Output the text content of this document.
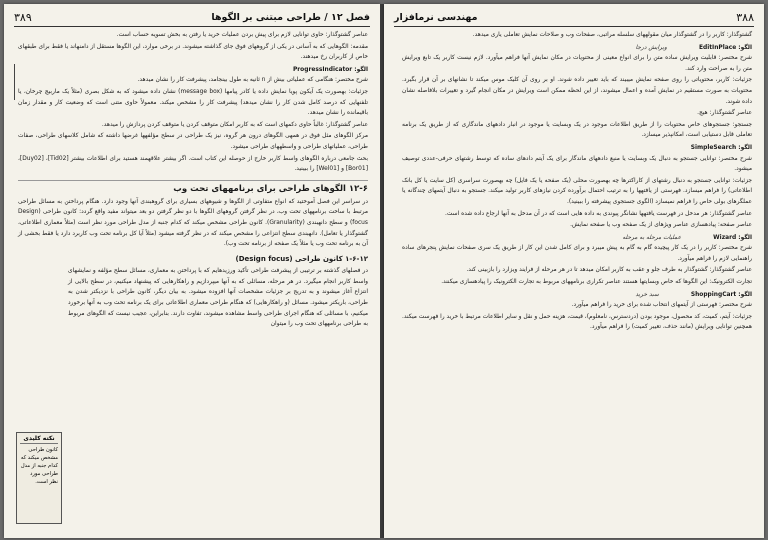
۳۸۹	فصل ۱۲ / طراحی مبتنی بر الگوها

عناصر گشتوگذار: حاوی توانایی لازم برای پیش بردن عملیات خرید یا رفتن به بخش تسویه حساب است.

مقدمه: الگوهایی که به آسانی در یکی از گروههای فوق جای گذاشته میشوند. در برخی موارد، این الگوها مستقل از دامنهاند یا فقط برای طبقهای خاص از کاربران رخ میدهند.

الگو: ProgressIndicator

شرح مختصر: هنگامی که عملیاتی بیش از n ثانیه به طول بینجامد، پیشرفت کار را نشان میدهد.

جزئیات: بهصورت یک آیکون پویا نمایش داده یا کادر پیامها (message box) نشان داده میشود که به شکل بصری (مثلاً یک ماربیچ چرخان، یا تلفنهایی که درصد کامل شدن کار را نشان میدهد) پیشرفت کار را مشخص میکند. معمولاً حاوی متنی است که وضعیت کار و مقدار زمان باقیمانده را نشان میدهد.

عناصر گشتوگذار: غالباً حاوی دکمهای است که به کاربر امکان متوقف کردن یا متوقف کردن پردازش را میدهد.

مرکز الگوهای مثل فوق در همهی الگوهای درون هر گروه، نیز یک طراحی در سطح مؤلفهها غرضها داشته که شامل کلاسهای طراحی، صفات طراحی، عملیاتهای طراحی و واسطههای طراحی میشود.

بحث جامعی درباره الگوهای واسط کاربر خارج از حوصله این کتاب است. اگر بیشتر علاقهمند هستید برای اطلاعات بیشتر [Tid02]، [Duy02]، [Bor01] و [Wel01] را ببینید.

۱۲-۶ الگوهای طراحی برای برنامههای تحت وب

در سراسر این فصل آموختید که انواع متفاوتی از الگوها و شیوههای بسیاری برای گروهبندی آنها وجود دارد. هنگام پرداختن به مسائل طراحی مرتبط با ساخت برنامههای تحت وب، در نظر گرفتن گروههای الگوها با دو نظر گرفتن دو بعد میتواند مفید واقع گردد: کانون طراحی (Design focus) و سطح دانهبندی (Granularity). کانون طراحی مشخص میکند که کدام جنبه از مدل طراحی مورد نظر است (مثلاً معماری اطلاعاتی، گشتوگذار یا تعامل). دانهبندی سطح انتزاعی را مشخص میکند که در نظر گرفته میشود (مثلاً آیا کل برنامه تحت وب کاربرد دارد یا فقط بخشی از آن به برنامه تحت وب یا مثلاً یک صفحه از برنامه تحت وب).

۱-۶-۱۲ کانون طراحی (Design focus)

در فصلهای گذشته بر ترتیبی از پیشرفت طراحی تأکید ورزیدهایم که با پرداختن به معماری، مسائل سطح مؤلفه و نمایشهای واسط کاربر انجام میگیرد. در هر مرحله، مسائلی که به آنها میپردازیم و راهکارهایی که پیشنهاد میکنیم، در سطح بالایی از انتزاع آغاز میشوند و به تدریج بر جزئیات مشخصات آنها افزوده میشود. به بیان دیگر، کانون طراحی با نزدیکتر شدن به طراحی، باریکتر میشود. مسائل (و راهکارهایی) که هنگام طراحی معماری اطلاعاتی برای یک برنامه تحت وب به آنها برخورد میکنیم، با مسائلی که هنگام اجرای طراحی واسط مشاهده میشوند، تفاوت دارند. بنابراین، عجیب نیست که الگوهای مربوط به طراحی برنامههای تحت وب را میتوان

نکته کلیدی
کانون طراحی مشخص میکند که کدام جنبه از مدل طراحی مورد نظر است.
۳۸۸
مهندسی نرمافزار

گشتوگذار: کاربر را در گشتوگذار میان مقولههای سلسله مراتبی، صفحات وب و صلاحات نمایش تعاملی یاری میدهد.

الگو: EditInPlace ویرایش درجا

شرح مختصر: قابلیت ویرایش ساده متن را برای انواع معینی از محتویات در مکان نمایش آنها فراهم میآورد. لازم نیست کاربر یک تابع ویرایش متن را به صراحت وارد کند.

جزئیات: کاربر، محتویاتی را روی صفحه نمایش میبیند که باید تغییر داده شوند. او بر روی آن کلیک موس میکند تا نشانهای بر آن قرار بگیرد. محتویات به صورت مستقیم در نمایش آمده و اعمال میشوند، از این لحظه ممکن است ویرایش در مکان انجام گیرد و تغییرات بلافاصله نشان داده شوند.

عناصر گشتوگذار: هیچ.

جستجو: جستجوهای خاص محتویات را از طریق اطلاعات موجود در یک وبسایت یا موجود در انبار دادههای ماندگاری که از طریق یک برنامه تعاملی قابل دستیابی است، امکانپذیر میسازد.

الگو: SimpleSearch

شرح مختصر: توانایی جستجو به دنبال یک وبسایت یا منبع دادههای ماندگار برای یک آیتم دادهای ساده که توسط رشتهای حرفی-عددی توصیف میشود.

جزئیات: توانایی جستجو به دنبال رشتهای از کاراکترها چه بهصورت محلی (یک صفحه یا یک فایل) چه بهصورت سراسری (کل سایت یا کل بانک اطلاعاتی) را فراهم میسازد. فهرستی از یافتهها را به ترتیب احتمال برآورده کردن نیازهای کاربر تولید میکند. جستجو به دنبال آیتمهای چندگانه یا عملگرهای بولی خاص را فراهم نمیسازد (الگوی جستجوی پیشرفته را ببینید).

عناصر گشتوگذار: هر مدخل در فهرست یافتهها نشانگر پیوندی به داده هایی است که در آن مدخل به آنها ارجاع داده شده است.

عناصر صفحه: پیادهسازی عناصر ویژهای از یک صفحه وب یا صفحه نمایش.

الگو: Wizard عملیات مرحله به مرحله

شرح مختصر: کاربر را در یک کار پیچیده گام به گام به پیش میبرد و برای کامل شدن این کار از طریق یک سری صفحات نمایش پنجرهای ساده راهنمایی لازم را فراهم میآورد.

عناصر گشتوگذار: گشتوگذار به طرف جلو و عقب به کاربر امکان میدهد تا در هر مرحله از فرایند ویزارد را بازبینی کند.

تجارت الکترونیک: این الگوها که خاص وبسایتها هستند عناصر تکراری برنامههای مربوط به تجارت الکترونیک را پیادهسازی میکنند.

الگو: ShoppingCart سبد خرید

شرح مختصر: فهرستی از آیتمهای انتخاب شده برای خرید را فراهم میآورد.

جزئیات: آیتم، کمیت، کد محصول، موجود بودن (دردسترس، نامعلوم)، قیمت، هزینه حمل و نقل و سایر اطلاعات مرتبط با خرید را فهرست میکند. همچنین توانایی ویرایش (مانند حذف، تغییر کمیت) را فراهم میآورد.
